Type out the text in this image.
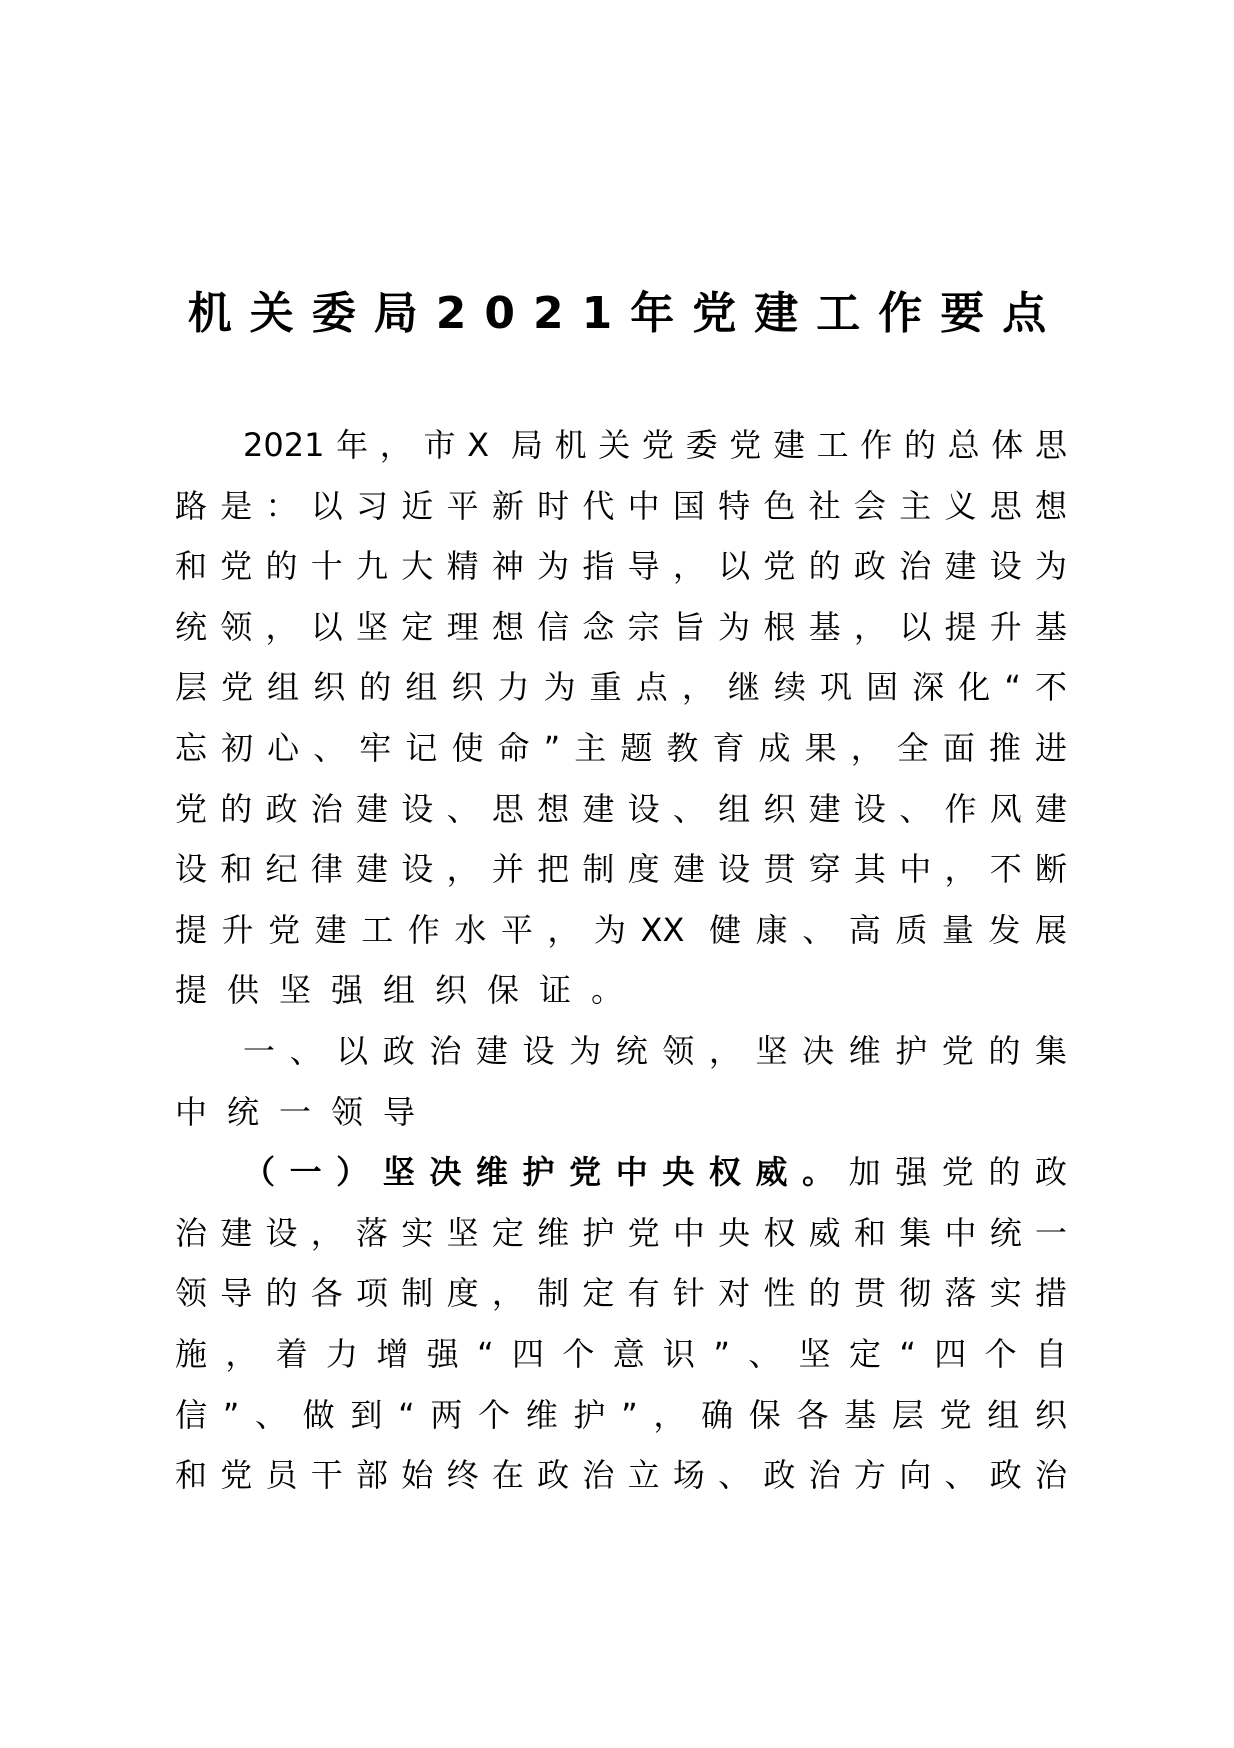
机关委局2021年党建工作要点
2021年，市X 局机关党委党建工作的总体思
路是：以习近平新时代中国特色社会主义思想
和党的十九大精神为指导，以党的政治建设为
统领，以坚定理想信念宗旨为根基，以提升基
层党组织的组织力为重点，继续巩固深化“不
忘初心、牢记使命”主题教育成果，全面推进
党的政治建设、思想建设、组织建设、作风建
设和纪律建设，并把制度建设贯穿其中，不断
提升党建工作水平，为XX 健康、高质量发展
提供坚强组织保证。
一、以政治建设为统领，坚决维护党的集
中统一领导
（一）坚决维护党中央权威。加强党的政
治建设，落实坚定维护党中央权威和集中统一
领导的各项制度，制定有针对性的贯彻落实措
施，着力增强“四个意识”、坚定“四个自
信”、做到“两个维护”，确保各基层党组织
和党员干部始终在政治立场、政治方向、政治
